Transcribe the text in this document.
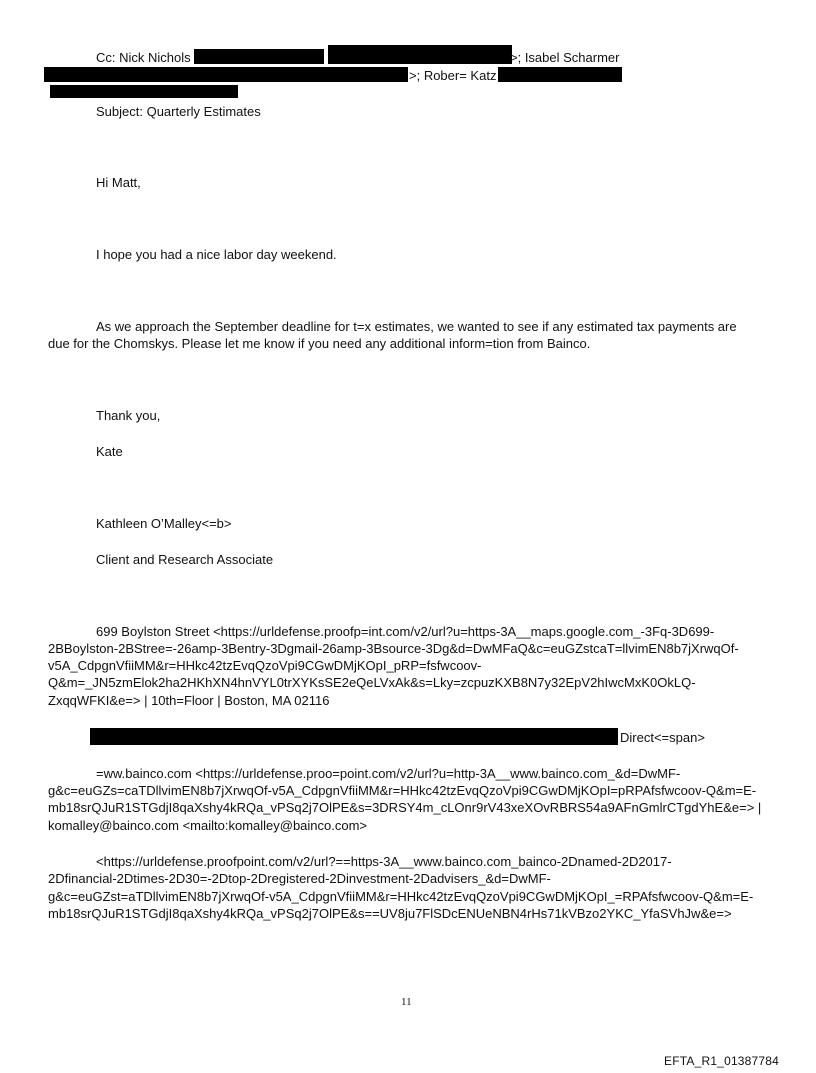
Cc: Nick Nichols	>; Isabel Scharmer
>; Rober= Katz
Subject: Quarterly Estimates
Hi Matt,
I hope you had a nice labor day weekend.
As we approach the September deadline for t=x estimates, we wanted to see if any estimated tax payments are
due for the Chomskys. Please let me know if you need any additional inform=tion from Bainco.
Thank you,
Kate
Kathleen O’Malley<=b>
Client and Research Associate
699 Boylston Street <https://urldefense.proofp=int.com/v2/url?u=https-3A__maps.google.com_-3Fq-3D699-
2BBoylston-2BStree=-26amp-3Bentry-3Dgmail-26amp-3Bsource-3Dg&d=DwMFaQ&c=euGZstcaT=llvimEN8b7jXrwqOf-
v5A_CdpgnVfiiMM&r=HHkc42tzEvqQzoVpi9CGwDMjKOpI_pRP=fsfwcoov-
Q&m=_JN5zmElok2ha2HKhXN4hnVYL0trXYKsSE2eQeLVxAk&s=Lky=zcpuzKXB8N7y32EpV2hIwcMxK0OkLQ-
ZxqqWFKI&e=> | 10th=Floor | Boston, MA 02116
Direct<=span>
=ww.bainco.com <https://urldefense.proo=point.com/v2/url?u=http-3A__www.bainco.com_&d=DwMF-
g&c=euGZs=caTDllvimEN8b7jXrwqOf-v5A_CdpgnVfiiMM&r=HHkc42tzEvqQzoVpi9CGwDMjKOpI=pRPAfsfwcoov-Q&m=E-
mb18srQJuR1STGdjI8qaXshy4kRQa_vPSq2j7OlPE&s=3DRSY4m_cLOnr9rV43xeXOvRBRS54a9AFnGmlrCTgdYhE&e=> |
komalley@bainco.com <mailto:komalley@bainco.com>
<https://urldefense.proofpoint.com/v2/url?==https-3A__www.bainco.com_bainco-2Dnamed-2D2017-
2Dfinancial-2Dtimes-2D30=-2Dtop-2Dregistered-2Dinvestment-2Dadvisers_&d=DwMF-
g&c=euGZst=aTDllvimEN8b7jXrwqOf-v5A_CdpgnVfiiMM&r=HHkc42tzEvqQzoVpi9CGwDMjKOpI_=RPAfsfwcoov-Q&m=E-
mb18srQJuR1STGdjI8qaXshy4kRQa_vPSq2j7OlPE&s==UV8ju7FlSDcENUeNBN4rHs71kVBzo2YKC_YfaSVhJw&e=>
11
EFTA_R1_01387784
